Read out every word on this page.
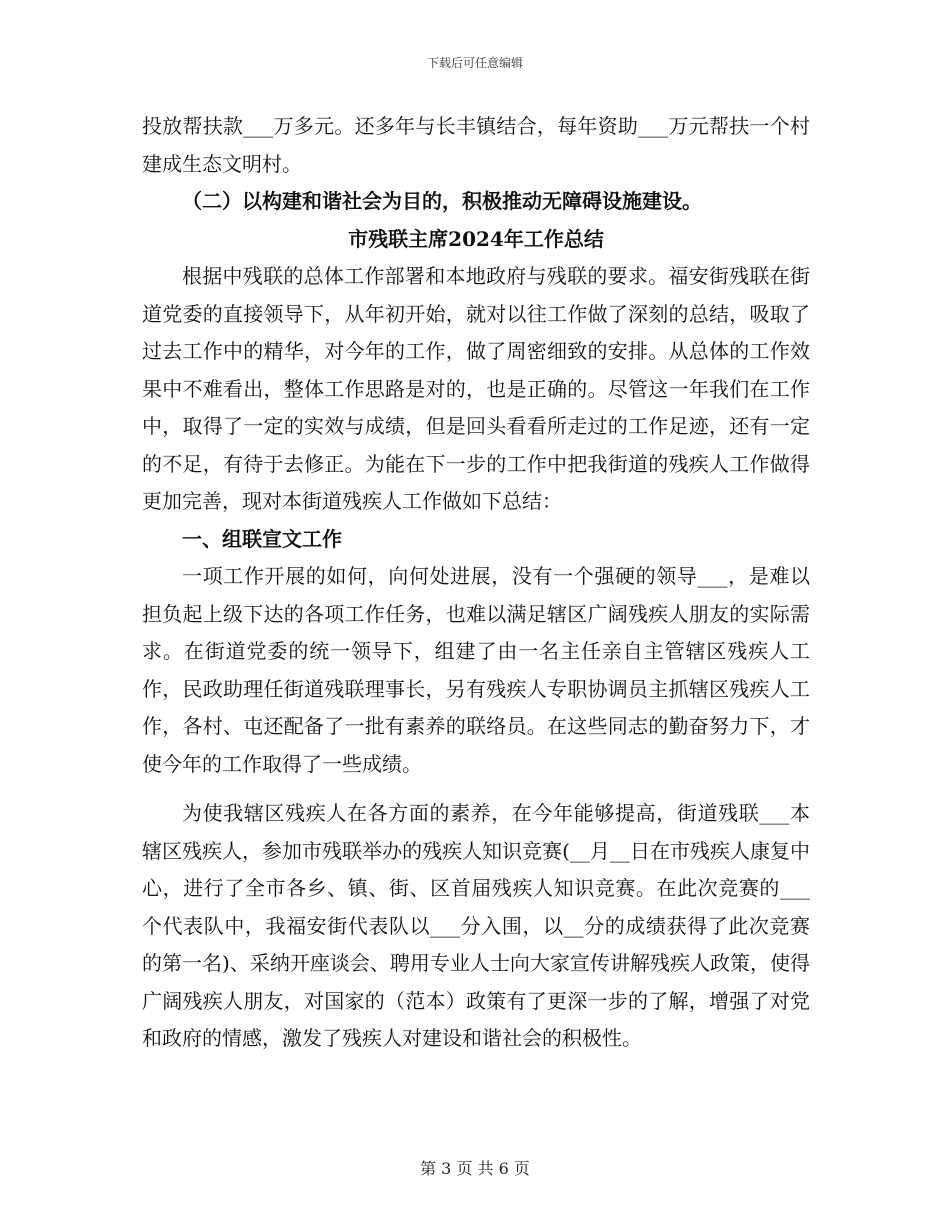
下载后可任意编辑

投放帮扶款___万多元。还多年与长丰镇结合，每年资助___万元帮扶一个村建成生态文明村。

（二）以构建和谐社会为目的，积极推动无障碍设施建设。

市残联主席2024年工作总结

根据中残联的总体工作部署和本地政府与残联的要求。福安街残联在街道党委的直接领导下，从年初开始，就对以往工作做了深刻的总结，吸取了过去工作中的精华，对今年的工作，做了周密细致的安排。从总体的工作效果中不难看出，整体工作思路是对的，也是正确的。尽管这一年我们在工作中，取得了一定的实效与成绩，但是回头看看所走过的工作足迹，还有一定的不足，有待于去修正。为能在下一步的工作中把我街道的残疾人工作做得更加完善，现对本街道残疾人工作做如下总结：

一、组联宣文工作

一项工作开展的如何，向何处进展，没有一个强硬的领导___，是难以担负起上级下达的各项工作任务，也难以满足辖区广阔残疾人朋友的实际需求。在街道党委的统一领导下，组建了由一名主任亲自主管辖区残疾人工作，民政助理任街道残联理事长，另有残疾人专职协调员主抓辖区残疾人工作，各村、屯还配备了一批有素养的联络员。在这些同志的勤奋努力下，才使今年的工作取得了一些成绩。

为使我辖区残疾人在各方面的素养，在今年能够提高，街道残联___本辖区残疾人，参加市残联举办的残疾人知识竞赛(__月__日在市残疾人康复中心，进行了全市各乡、镇、街、区首届残疾人知识竞赛。在此次竞赛的___个代表队中，我福安街代表队以___分入围，以__分的成绩获得了此次竞赛的第一名)、采纳开座谈会、聘用专业人士向大家宣传讲解残疾人政策，使得广阔残疾人朋友，对国家的（范本）政策有了更深一步的了解，增强了对党和政府的情感，激发了残疾人对建设和谐社会的积极性。

第 3 页 共 6 页
